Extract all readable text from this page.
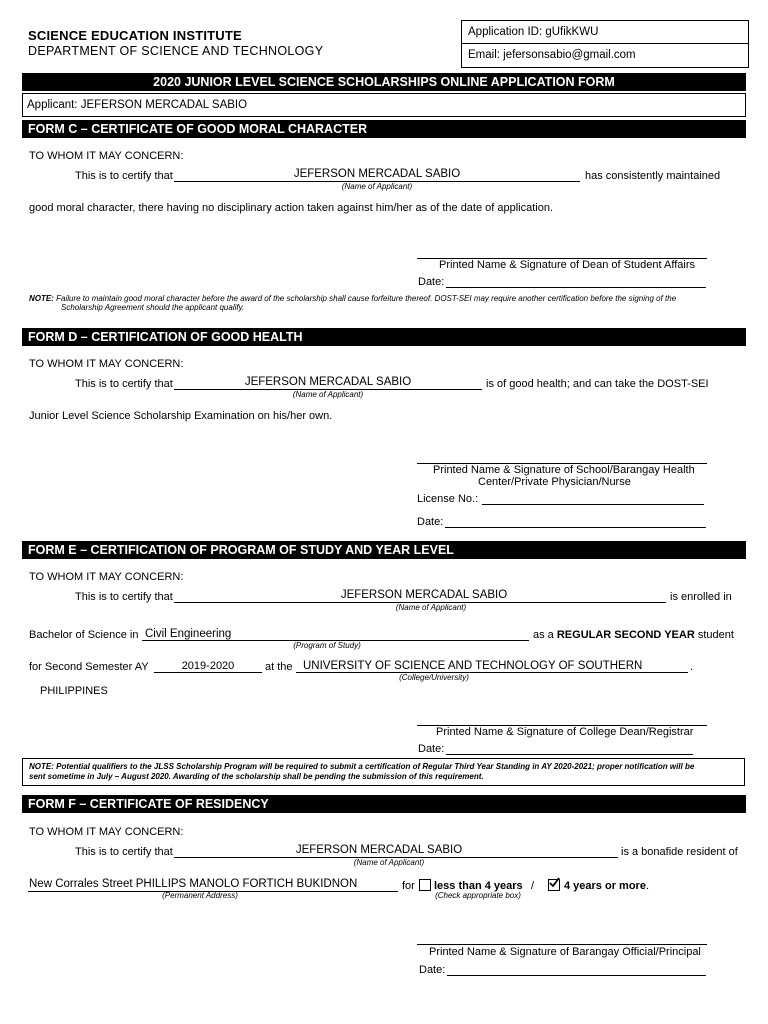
SCIENCE EDUCATION INSTITUTE
DEPARTMENT OF SCIENCE AND TECHNOLOGY
Application ID: gUfikKWU
Email: jefersonsabio@gmail.com
2020 JUNIOR LEVEL SCIENCE SCHOLARSHIPS ONLINE APPLICATION FORM
Applicant: JEFERSON MERCADAL SABIO
FORM C – CERTIFICATE OF GOOD MORAL CHARACTER
TO WHOM IT MAY CONCERN:
This is to certify that	JEFERSON MERCADAL SABIO	has consistently maintained
(Name of Applicant)
good moral character, there having no disciplinary action taken against him/her as of the date of application.
Printed Name & Signature of Dean of Student Affairs
Date:
NOTE: Failure to maintain good moral character before the award of the scholarship shall cause forfeiture thereof. DOST-SEI may require another certification before the signing of the
Scholarship Agreement should the applicant qualify.
FORM D – CERTIFICATION OF GOOD HEALTH
TO WHOM IT MAY CONCERN:
This is to certify that	JEFERSON MERCADAL SABIO	is of good health; and can take the DOST-SEI
(Name of Applicant)
Junior Level Science Scholarship Examination on his/her own.
Printed Name & Signature of School/Barangay Health
Center/Private Physician/Nurse
License No.:
Date:
FORM E – CERTIFICATION OF PROGRAM OF STUDY AND YEAR LEVEL
TO WHOM IT MAY CONCERN:
This is to certify that	JEFERSON MERCADAL SABIO	is enrolled in
(Name of Applicant)
Bachelor of Science in Civil Engineering
(Program of Study)
as a REGULAR SECOND YEAR student
for Second Semester AY	2019-2020	at the UNIVERSITY OF SCIENCE AND TECHNOLOGY OF SOUTHERN	.
(College/University)
PHILIPPINES
Printed Name & Signature of College Dean/Registrar
Date:
NOTE: Potential qualifiers to the JLSS Scholarship Program will be required to submit a certification of Regular Third Year Standing in AY 2020-2021; proper notification will be
sent sometime in July – August 2020. Awarding of the scholarship shall be pending the submission of this requirement.
FORM F – CERTIFICATE OF RESIDENCY
TO WHOM IT MAY CONCERN:
This is to certify that	JEFERSON MERCADAL SABIO	is a bonafide resident of
(Name of Applicant)
New Corrales Street PHILLIPS MANOLO FORTICH BUKIDNON
(Permanent Address)
for less than 4 years /	4 years or more.
(Check appropriate box)
Printed Name & Signature of Barangay Official/Principal
Date:
